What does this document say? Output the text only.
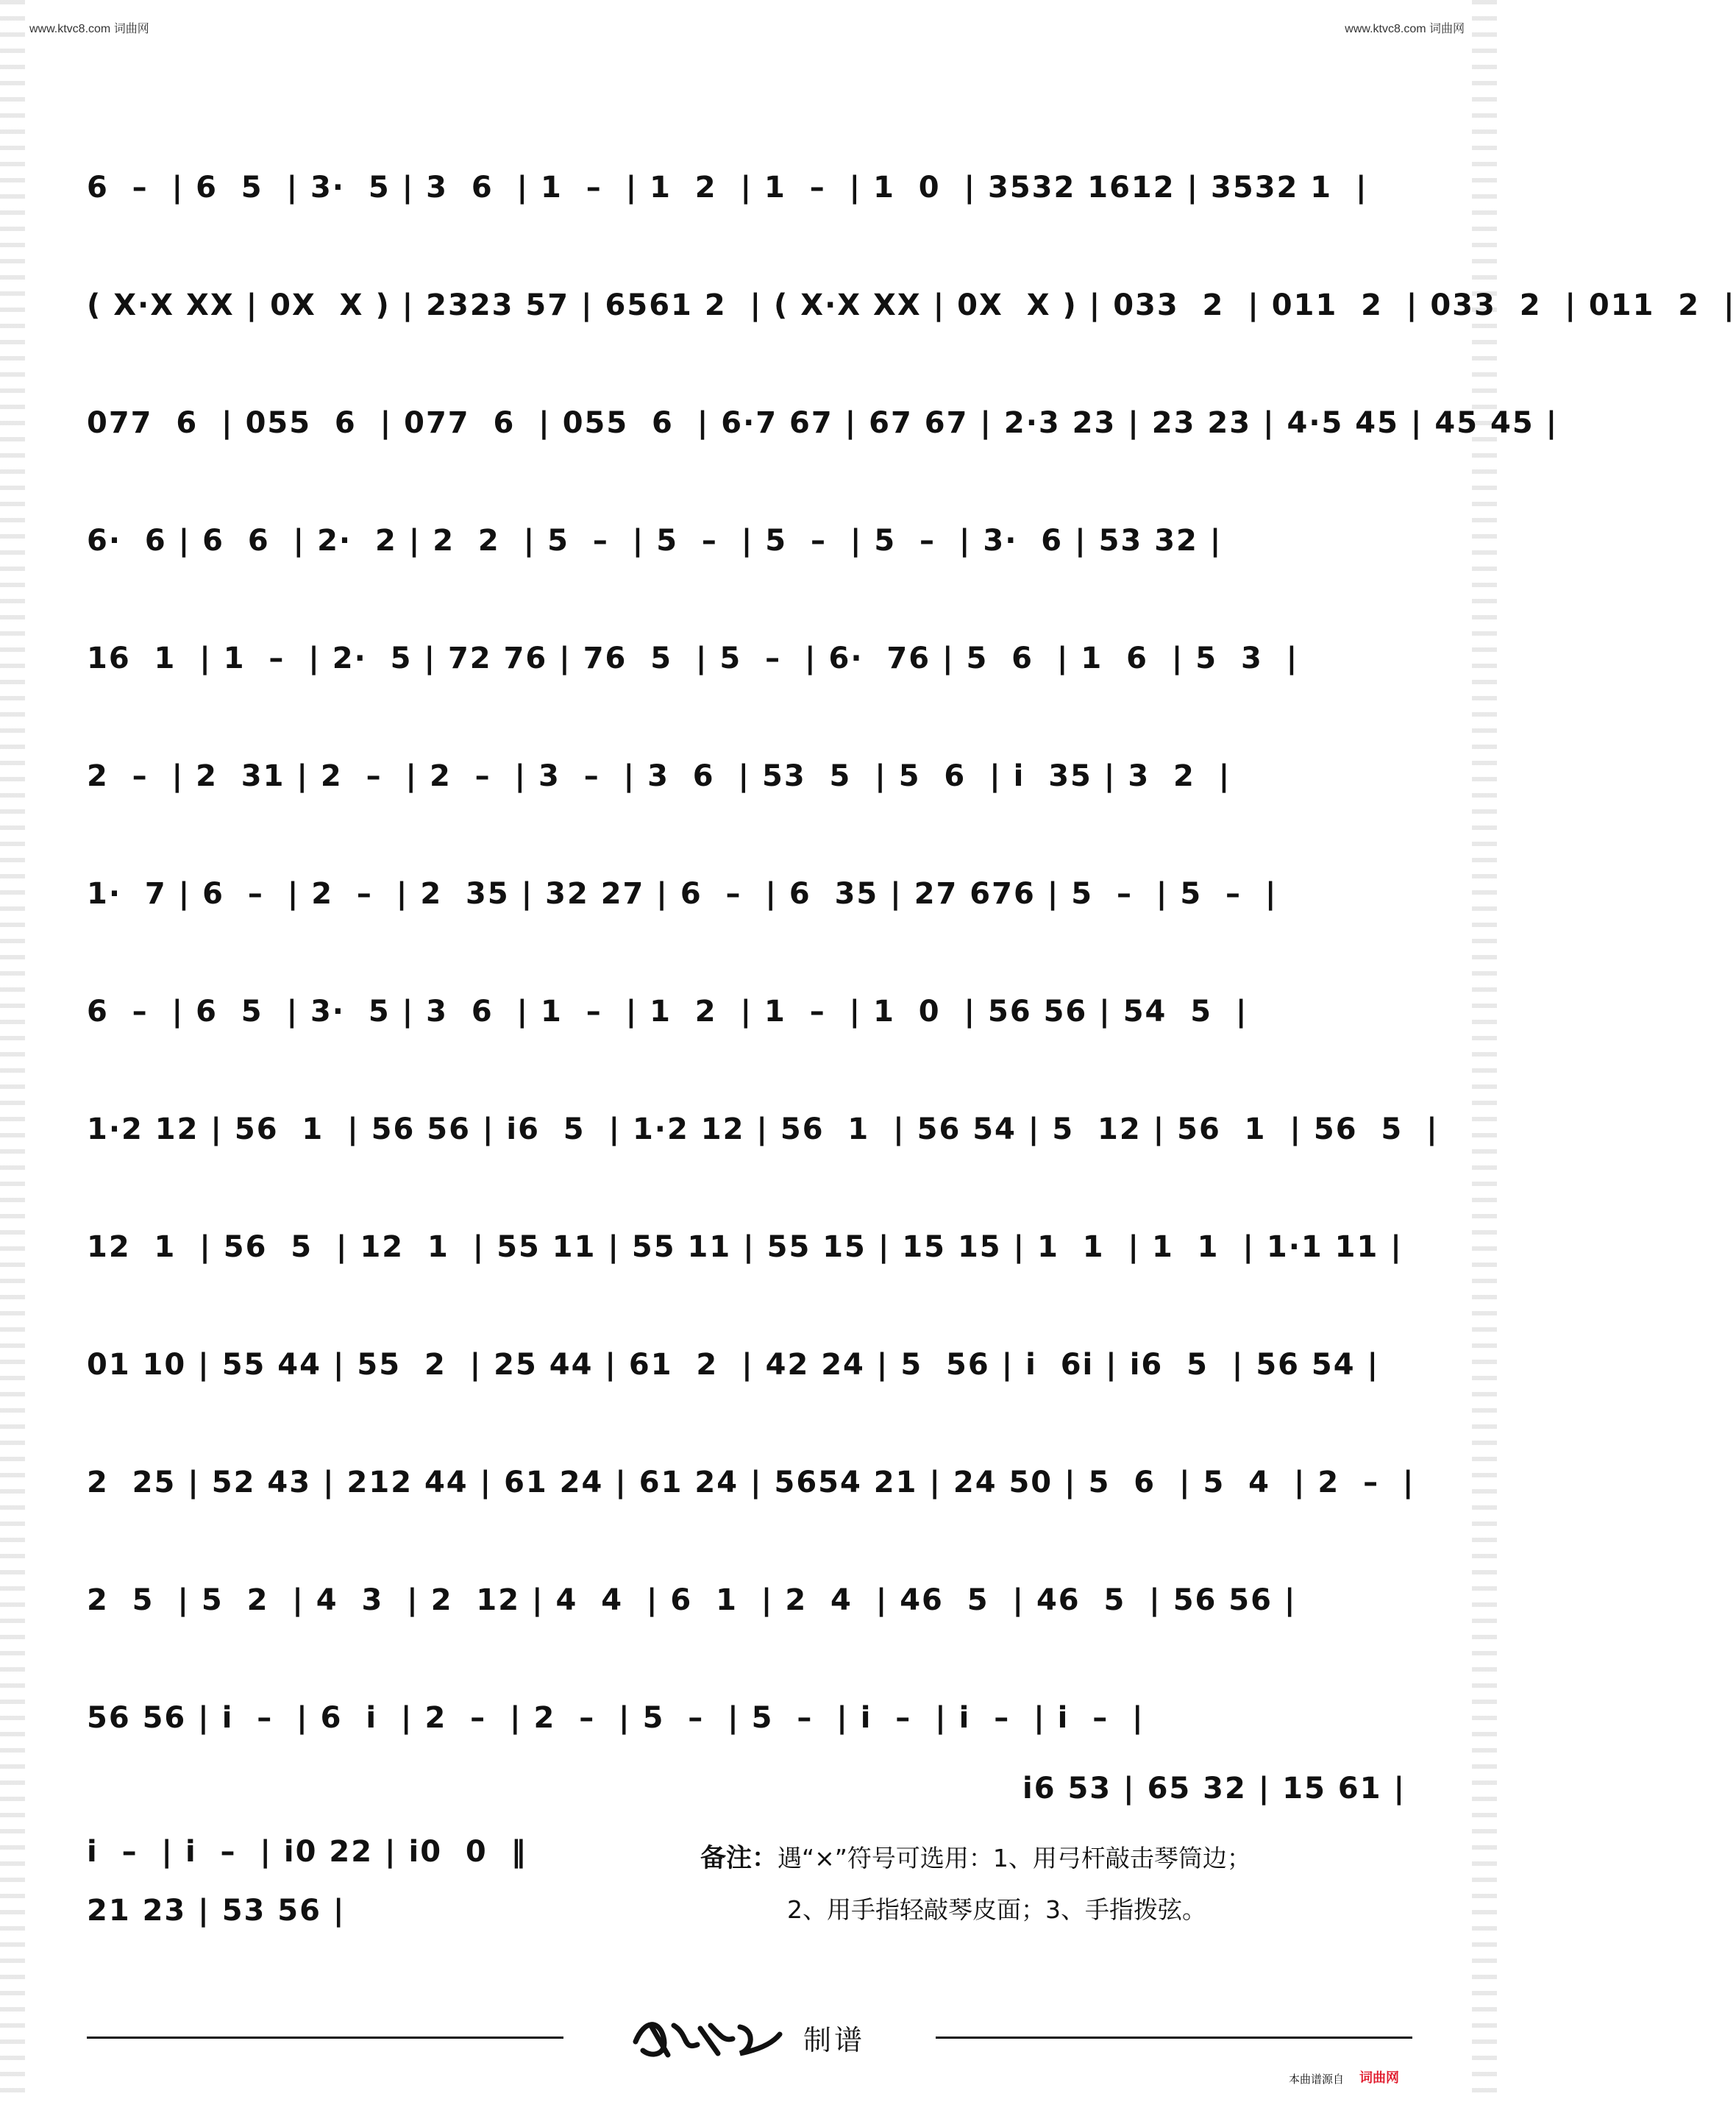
www.ktvc8.com 词曲网	www.ktvc8.com 词曲网
6  –  | 6  5  | 3·  5 | 3  6  | 1  –  | 1  2  | 1  –  | 1  0  | 3532 1612 | 3532 1  |
( X·X XX | 0X  X ) | 2323 57 | 6561 2  | ( X·X XX | 0X  X ) | 033  2  | 011  2  | 033  2  | 011  2  |
077  6  | 055  6  | 077  6  | 055  6  | 6·7 67 | 67 67 | 2·3 23 | 23 23 | 4·5 45 | 45 45 |
6·  6 | 6  6  | 2·  2 | 2  2  | 5  –  | 5  –  | 5  –  | 5  –  | 3·  6 | 53 32 |
16  1  | 1  –  | 2·  5 | 72 76 | 76  5  | 5  –  | 6·  76 | 5  6  | 1  6  | 5  3  |
2  –  | 2  31 | 2  –  | 2  –  | 3  –  | 3  6  | 53  5  | 5  6  | i  35 | 3  2  |
1·  7 | 6  –  | 2  –  | 2  35 | 32 27 | 6  –  | 6  35 | 27 676 | 5  –  | 5  –  |
6  –  | 6  5  | 3·  5 | 3  6  | 1  –  | 1  2  | 1  –  | 1  0  | 56 56 | 54  5  |
1·2 12 | 56  1  | 56 56 | i6  5  | 1·2 12 | 56  1  | 56 54 | 5  12 | 56  1  | 56  5  |
12  1  | 56  5  | 12  1  | 55 11 | 55 11 | 55 15 | 15 15 | 1  1  | 1  1  | 1·1 11 |
01 10 | 55 44 | 55  2  | 25 44 | 61  2  | 42 24 | 5  56 | i  6i | i6  5  | 56 54 |
2  25 | 52 43 | 212 44 | 61 24 | 61 24 | 5654 21 | 24 50 | 5  6  | 5  4  | 2  –  |
2  5  | 5  2  | 4  3  | 2  12 | 4  4  | 6  1  | 2  4  | 46  5  | 46  5  | 56 56 |
56 56 | i  –  | 6  i  | 2  –  | 2  –  | 5  –  | 5  –  | i  –  | i  –  | i  –  |
i6 53 | 65 32 | 15 61 |
i  –  | i  –  | i0 22 | i0  0  ‖
21 23 | 53 56 |
备注：遇“×”符号可选用：1、用弓杆敲击琴筒边；
2、用手指轻敲琴皮面；3、手指拨弦。
制谱
本曲谱源自 词曲网
